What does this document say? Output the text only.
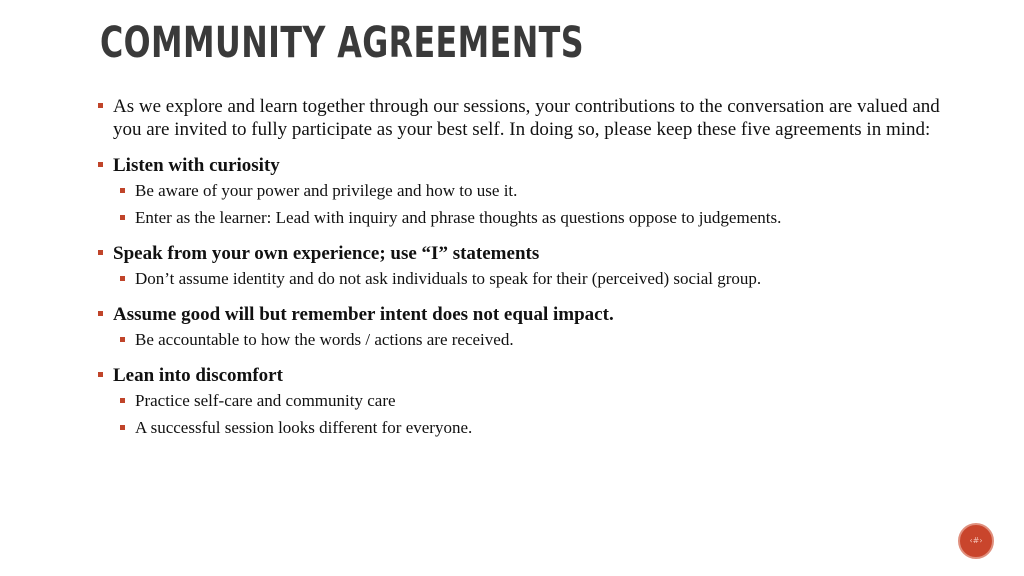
COMMUNITY AGREEMENTS
As we explore and learn together through our sessions, your contributions to the conversation are valued and you are invited to fully participate as your best self. In doing so, please keep these five agreements in mind:
Listen with curiosity
Be aware of your power and privilege and how to use it.
Enter as the learner: Lead with inquiry and phrase thoughts as questions oppose to judgements.
Speak from your own experience; use “I” statements
Don’t assume identity and do not ask individuals to speak for their (perceived) social group.
Assume good will but remember intent does not equal impact.
Be accountable to how the words / actions are received.
Lean into discomfort
Practice self-care and community care
A successful session looks different for everyone.
‹#›
